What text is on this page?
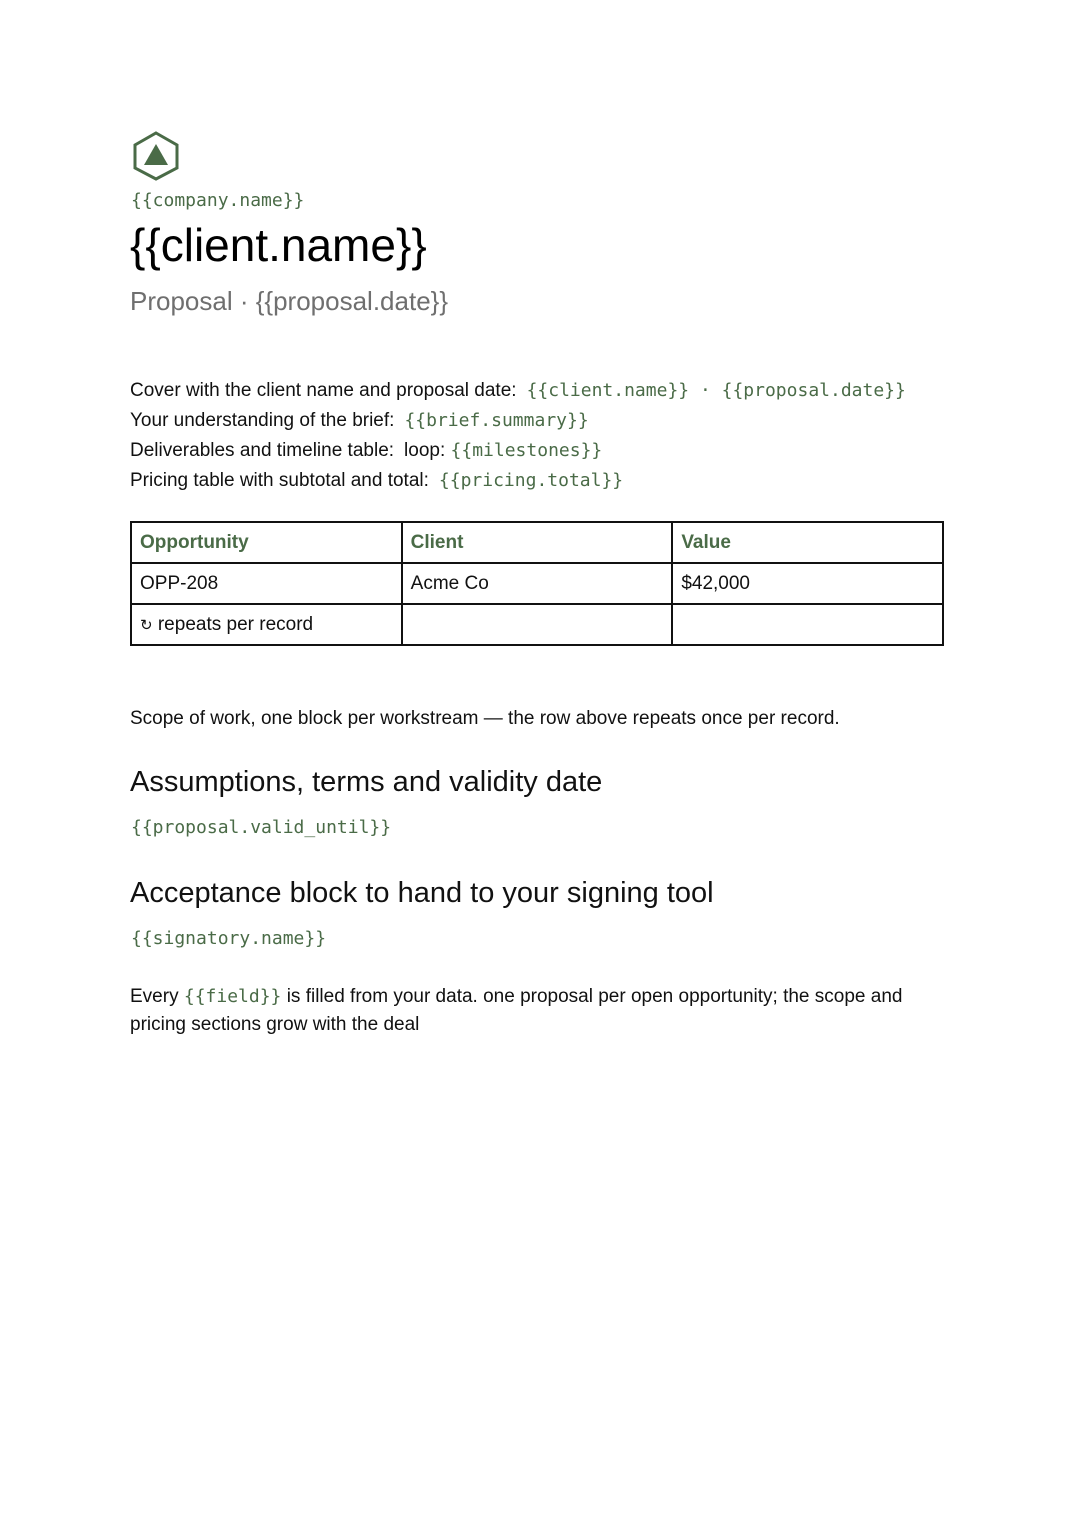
{{company.name}}
{{client.name}}
Proposal · {{proposal.date}}
Cover with the client name and proposal date: {{client.name}} · {{proposal.date}}
Your understanding of the brief: {{brief.summary}}
Deliverables and timeline table: loop: {{milestones}}
Pricing table with subtotal and total: {{pricing.total}}
Opportunity	Client	Value
OPP-208	Acme Co	$42,000
↻ repeats per record		
Scope of work, one block per workstream — the row above repeats once per record.
Assumptions, terms and validity date
{{proposal.valid_until}}
Acceptance block to hand to your signing tool
{{signatory.name}}
Every {{field}} is filled from your data. one proposal per open opportunity; the scope and pricing sections grow with the deal
